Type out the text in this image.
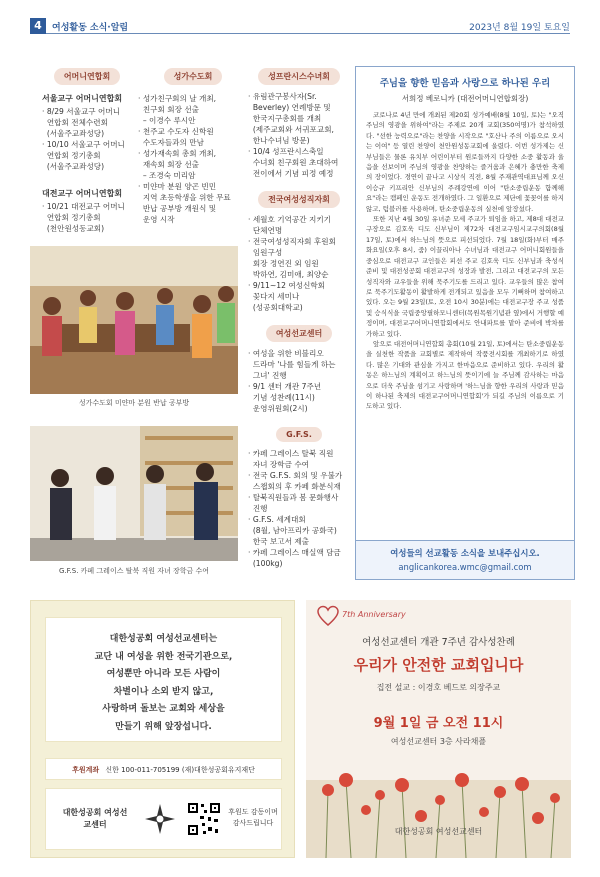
4	여성활동 소식·알림	2023년 8월 19일 토요일
어머니연합회
서울교구 어머니연합회
· 8/29 서울교구 어머니
연합회 전체수련회
(서울주교좌성당)
· 10/10 서울교구 어머니
연합회 정기총회
(서울주교좌성당)
대전교구 어머니연합회
· 10/21 대전교구 어머니
연합회 정기총회
(천안원성동교회)
성가수도회
· 성가친구회의 날 개최,
친구회 회장 선출
– 이경수 루시안
· 천주교 수도자 신학원
수도자들과의 만남
· 성가재속회 총회 개최,
재속회 회장 선출
– 조경숙 미리암
· 미얀마 분원 양곤 빈민
지역 초등학생을 위한 무료
반납 공부방 개원식 및
운영 시작
성프란시스수녀회
· 유림관구봉사자(Sr.
Beverley) 연례방문 및
한국지구총회를 개최
(제주교회와 서귀포교회,
한나수녀님 방문)
· 10/4 성프란시스축일
수녀회 친구회원 초대하여
전이에서 기념 피정 예정
전국여성성직자회
· 세월호 기억공간 지키기
단체연명
· 전국여성성직자회 후원회
임원구성
회장 정연진 외 임원
박하연, 김미애, 최양순
· 9/11~12 여성신학회
꽃다지 세미나
(성공회대학교)
여성선교센터
· 여성을 위한 비블리오
드라마 '나를 힘들게 하는
그녀' 진행
· 9/1 센터 개관 7주년
기념 성찬례(11시)
운영위원회(2시)
G.F.S.
· 카페 그레이스 탈북 직원
자녀 장학금 수여
· 전국 G.F.S. 회의 및 우불가
스챕회의 후 카페 화분식재
· 탈북직원들과 봄 문화행사
진행
· G.F.S. 세계대회
(8월, 남아프리카 공화국)
한국 보고서 제출
· 카페 그레이스 매실액 담금
(100kg)
성가수도회 미얀마 분원 반납 공부방
G.F.S. 카페 그레이스 탈북 직원 자녀 장학금 수여
주님을 향한 믿음과 사랑으로 하나된 우리
서희정 베로니카 (대전어머니연합회장)

코로나로 4년 만에 개최된 제20회 성가예배(8월 10일, 토)는 "오직 주님의 영광을 위하여"라는 주제로 20개 교회(350여명)가 참석하였다. "선한 능력으로"라는 찬양을 시작으로 "호산나 주의 이름으로 오시는 이여" 등 열린 찬양이 천안원성동교회에 울렸다. 이번 성가제는 신부님들은 물론 유치부 어린이부터 원로들까지 다양한 소중 활동과 울음을 선보이며 주님의 영광을 찬양하는 즐거움과 은혜가 충만한 축제의 장이었다. 경연이 끝나고 시상식 직전, 8월 주재관역대표님께 오신 이승규 키프리안 신부님의 주례강연에 이어 "탄소중립운동 함께해요"라는 캠페인 운동도 전개하였다. 그 일환으로 제단에 꽃꽂이를 하지 않고, 텀블러를 사용하며, 탄소중립운동의 실천에 앞장섰다.

또한 지난 4월 30일 유녀준 모세 주교가 퇴임을 하고, 제8대 대전교구장으로 김호욱 디도 신부님이 제72차 대전교구임시교구의회(8월 17일, 토)에서 하느님의 뜻으로 피선되었다. 7월 18일(화)부터 매주 화요일(오후 8시, 줌) 이끌리아나 수녀님과 대전교구 어머니회원들을 중심으로 대전교구 교인들은 피선 주교 김호욱 디도 신부님과 축성식 준비 및 대전성공회 대전교구의 성장과 발전, 그리고 대전교구의 모든 성직자와 교우들을 위해 묵주기도를 드리고 있다. 교우들의 많은 참여로 묵주기도활동이 활발하게 전개되고 있음을 모두 기뻐하며 참여하고 있다. 오는 9월 23일(토, 오전 10시 30분)에는 대전교구장 주교 성품 및 승식식을 국립중앙필하모니센터(목원목원기념관 옆)에서 거행할 예정이며, 대전교구어머니연합회에서도 안내파트를 맡아 준비에 박차를 가하고 있다.

앞으로 대전어머니연합회 총회(10월 21일, 토)에서는 탄소중립운동을 실천한 작품을 교회별로 제작하여 작품전시회를 개최하기로 하였다. 많은 기대와 관심을 가지고 한마음으로 준비하고 있다. 우리의 활동은 하느님의 계획이고 하느님의 뜻이기에 늘 주님께 감사하는 마음으로 더욱 주님을 섬기고 사랑하며 '하느님을 향한 우리의 사랑과 믿음이 하나된 축제의 대전교구어머니연합회'가 되길 주님의 이름으로 기도하고 있다.

여성들의 선교활동 소식을 보내주십시오.
anglicankorea.wmc@gmail.com
대한성공회 여성선교센터는
교단 내 여성을 위한 전국기관으로,
여성뿐만 아니라 모든 사람이
차별이나 소외 받지 않고,
사랑하며 돌보는 교회와 세상을
만들기 위해 앞장섭니다.
후원계좌 신한 100-011-705199 (재)대한성공회유지재단
대한성공회 여성선교센터
후원도 감동이며 감사드립니다
7th Anniversary
여성선교센터 개관 7주년 감사성찬례
우리가 안전한 교회입니다
집전 설교 : 이경호 베드로 의장주교
9월 1일 금 오전 11시
여성선교센터 3층 사라채플
대한성공회 여성선교센터
